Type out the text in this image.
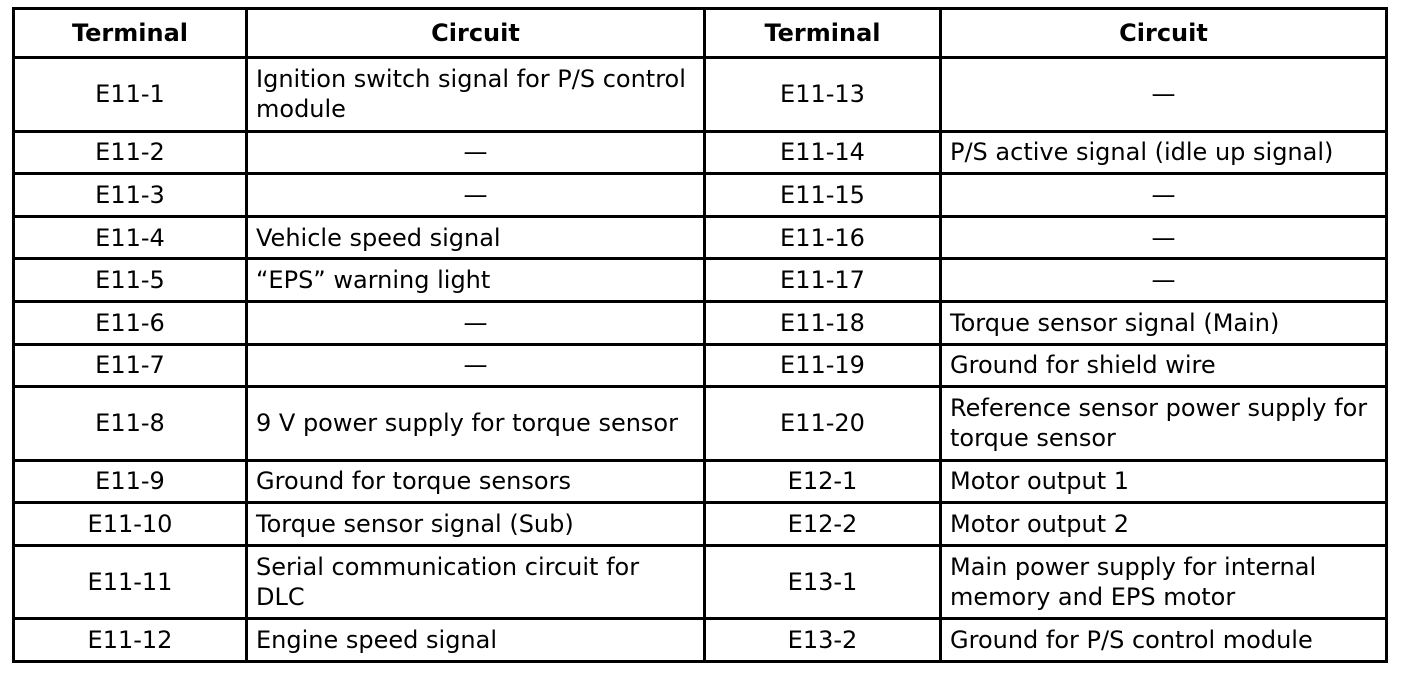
Terminal	Circuit	Terminal	Circuit
E11-1	Ignition switch signal for P/S control module	E11-13	—
E11-2	—	E11-14	P/S active signal (idle up signal)
E11-3	—	E11-15	—
E11-4	Vehicle speed signal	E11-16	—
E11-5	“EPS” warning light	E11-17	—
E11-6	—	E11-18	Torque sensor signal (Main)
E11-7	—	E11-19	Ground for shield wire
E11-8	9 V power supply for torque sensor	E11-20	Reference sensor power supply for torque sensor
E11-9	Ground for torque sensors	E12-1	Motor output 1
E11-10	Torque sensor signal (Sub)	E12-2	Motor output 2
E11-11	Serial communication circuit for DLC	E13-1	Main power supply for internal memory and EPS motor
E11-12	Engine speed signal	E13-2	Ground for P/S control module
